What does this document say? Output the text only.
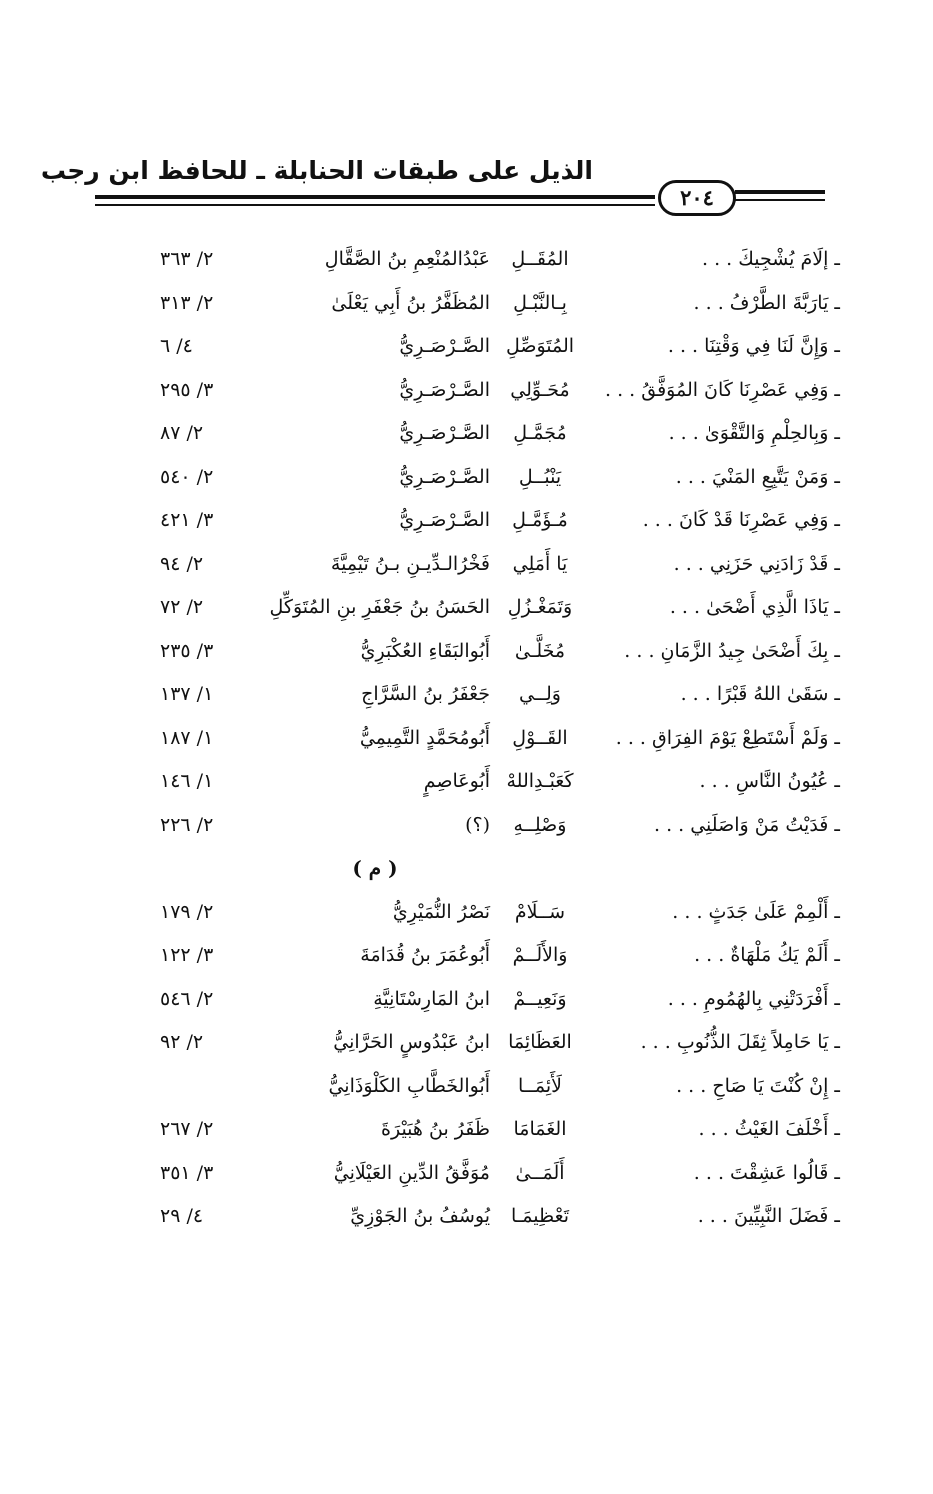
الذيل على طبقات الحنابلة ـ للحافظ ابن رجب
٢٠٤
ـ إلَامَ يُشْجِيكَ . . .
المُقَــلِ
عَبْدُالمُنْعِمِ بنُ الصَّقَّالِ
٢/ ٣٦٣
ـ يَارَبَّةَ الطَّرْفُ . . .
بِـالنَّبْـلِ
المُظَفَّرُ بنُ أَبِي يَعْلَىٰ
٢/ ٣١٣
ـ وَإِنَّ لَنَا فِي وَقْتِنَا . . .
المُتَوَصِّلِ
الصَّـرْصَـرِيُّ
٤/ ٦
ـ وَفِي عَصْرِنَا كَانَ المُوَفَّقُ . . .
مُحَـوِّلِي
الصَّـرْصَـرِيُّ
٣/ ٢٩٥
ـ وَبِالحِلْمِ وَالتَّقْوَىٰ . . .
مُجَمَّـلِ
الصَّـرْصَـرِيُّ
٢/ ٨٧
ـ وَمَنْ يَتَّبِعِ المَنْيَ . . .
يَنْبُــلِ
الصَّـرْصَـرِيُّ
٢/ ٥٤٠
ـ وَفِي عَصْرِنَا قَدْ كَانَ . . .
مُـؤَمَّـلِ
الصَّـرْصَـرِيُّ
٣/ ٤٢١
ـ قَدْ زَادَنِي حَزَنِي . . .
يَا أَمَلِي
فَخْرُالـدِّيـنِ بـنُ تَيْمِيَّةَ
٢/ ٩٤
ـ يَاذَا الَّذِي أَضْحَىٰ . . .
وَتَمَغْـزُلِ
الحَسَنُ بنُ جَعْفَرِ بنِ المُتَوَكِّلِ
٢/ ٧٢
ـ بِكَ أَضْحَىٰ جِيدُ الزَّمَانِ . . .
مُخَلَّـىٰ
أَبُوالبَقَاءِ العُكْبَرِيُّ
٣/ ٢٣٥
ـ سَقَىٰ اللهُ قَبْرًا . . .
وَلِــي
جَعْفَرُ بنُ السَّرَّاجِ
١/ ١٣٧
ـ وَلَمْ أَسْتَطِعْ يَوْمَ الفِرَاقِ . . .
القَــوْلِ
أَبُومُحَمَّدٍ التَّمِيمِيُّ
١/ ١٨٧
ـ عُيُونُ النَّاسِ . . .
كَعَبْـدِاللهْ
أَبُوعَاصِمٍ
١/ ١٤٦
ـ فَدَيْتُ مَنْ وَاصَلَنِي . . .
وَصْلِــهِ
(؟)
٢/ ٢٢٦
( م )
ـ أَلْمِمْ عَلَىٰ جَدَثٍ . . .
سَــلَامْ
نَصْرُ النُّمَيْرِيُّ
٢/ ١٧٩
ـ أَلَمْ يَكُ مَلْهَاةٌ . . .
وَالأَلَــمْ
أَبُوعُمَرَ بنُ قُدَامَةَ
٣/ ١٢٢
ـ أَفْرَدَتْنِي بِالهُمُومِ . . .
وَنَعِيــمْ
ابنُ المَارِسْتَانِيَّةِ
٢/ ٥٤٦
ـ يَا حَامِلاً ثِقَلَ الذُّنُوبِ . . .
العَظَائِمَا
ابنُ عَبْدُوسٍ الحَرَّانِيُّ
٢/ ٩٢
ـ إِنْ كُنْتَ يَا صَاحِ . . .
لَأَئِمَــا
أَبُوالخَطَّابِ الكَلْوَذَانِيُّ
ـ أَخْلَفَ الغَيْثُ . . .
الغَمَامَا
ظَفَرُ بنُ هُبَيْرَةَ
٢/ ٢٦٧
ـ قَالُوا عَشِقْتَ . . .
أَلَمَــىٰ
مُوَفَّقُ الدِّينِ العَيْلَانِيُّ
٣/ ٣٥١
ـ فَضَلَ النَّبِيِّينَ . . .
تَعْظِيمَـا
يُوسُفُ بنُ الجَوْزِيِّ
٤/ ٢٩
